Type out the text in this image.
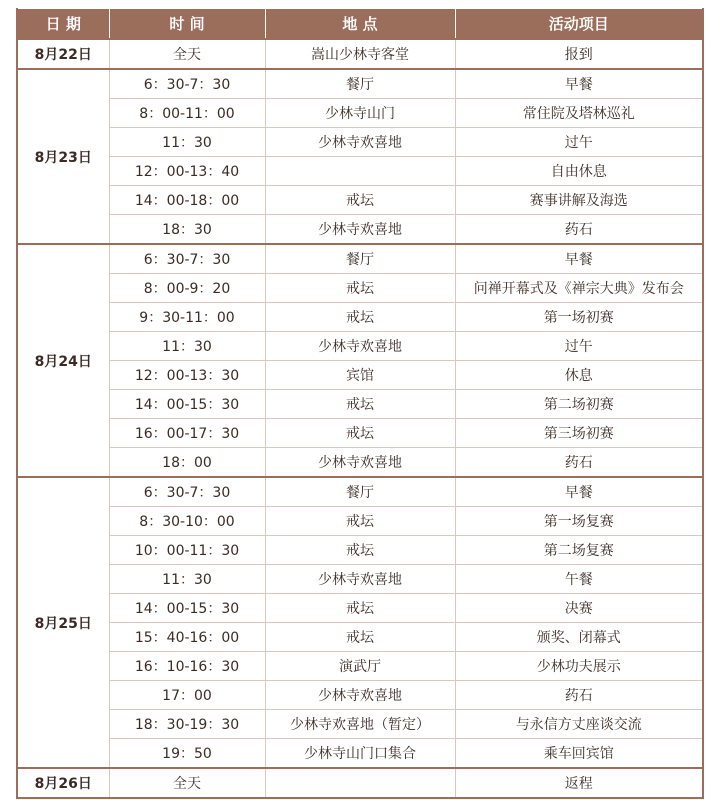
日 期	时 间	地 点	活动项目
8月22日	全天	嵩山少林寺客堂	报到
8月23日	6：30-7：30	餐厅	早餐
	8：00-11：00	少林寺山门	常住院及塔林巡礼
	11：30	少林寺欢喜地	过午
	12：00-13：40		自由休息
	14：00-18：00	戒坛	赛事讲解及海选
	18：30	少林寺欢喜地	药石
8月24日	6：30-7：30	餐厅	早餐
	8：00-9：20	戒坛	问禅开幕式及《禅宗大典》发布会
	9：30-11：00	戒坛	第一场初赛
	11：30	少林寺欢喜地	过午
	12：00-13：30	宾馆	休息
	14：00-15：30	戒坛	第二场初赛
	16：00-17：30	戒坛	第三场初赛
	18：00	少林寺欢喜地	药石
8月25日	6：30-7：30	餐厅	早餐
	8：30-10：00	戒坛	第一场复赛
	10：00-11：30	戒坛	第二场复赛
	11：30	少林寺欢喜地	午餐
	14：00-15：30	戒坛	决赛
	15：40-16：00	戒坛	颁奖、闭幕式
	16：10-16：30	演武厅	少林功夫展示
	17：00	少林寺欢喜地	药石
	18：30-19：30	少林寺欢喜地（暂定）	与永信方丈座谈交流
	19：50	少林寺山门口集合	乘车回宾馆
8月26日	全天		返程
